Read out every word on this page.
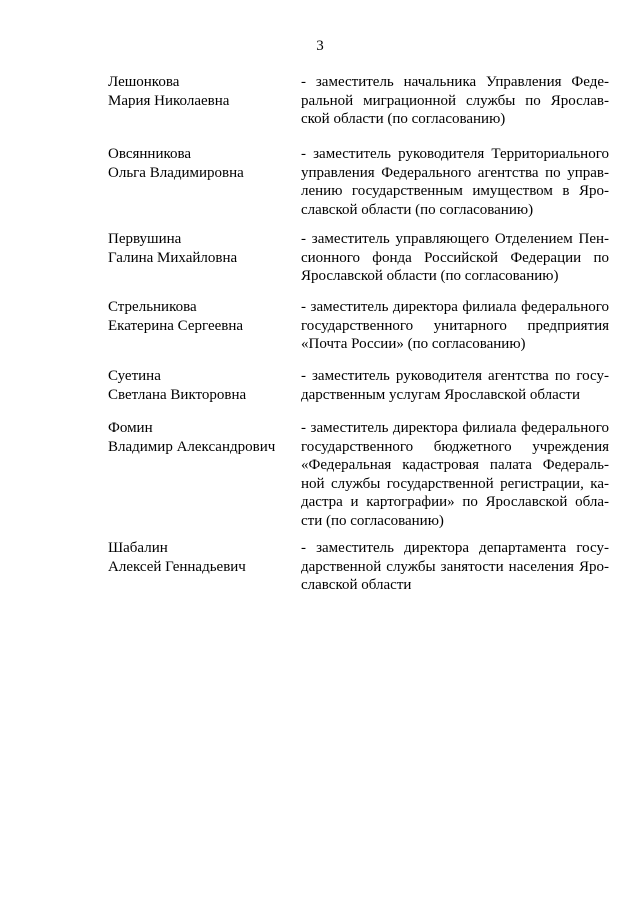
3
Лешонкова
Мария Николаевна
- заместитель начальника Управления Феде-
ральной миграционной службы по Ярослав-
ской области (по согласованию)
Овсянникова
Ольга Владимировна
- заместитель руководителя Территориального
управления Федерального агентства по управ-
лению государственным имуществом в Яро-
славской области (по согласованию)
Первушина
Галина Михайловна
- заместитель управляющего Отделением Пен-
сионного фонда Российской Федерации по
Ярославской области (по согласованию)
Стрельникова
Екатерина Сергеевна
- заместитель директора филиала федерального
государственного унитарного предприятия
«Почта России» (по согласованию)
Суетина
Светлана Викторовна
- заместитель руководителя агентства по госу-
дарственным услугам Ярославской области
Фомин
Владимир Александрович
- заместитель директора филиала федерального
государственного бюджетного учреждения
«Федеральная кадастровая палата Федераль-
ной службы государственной регистрации, ка-
дастра и картографии» по Ярославской обла-
сти (по согласованию)
Шабалин
Алексей Геннадьевич
- заместитель директора департамента госу-
дарственной службы занятости населения Яро-
славской области
